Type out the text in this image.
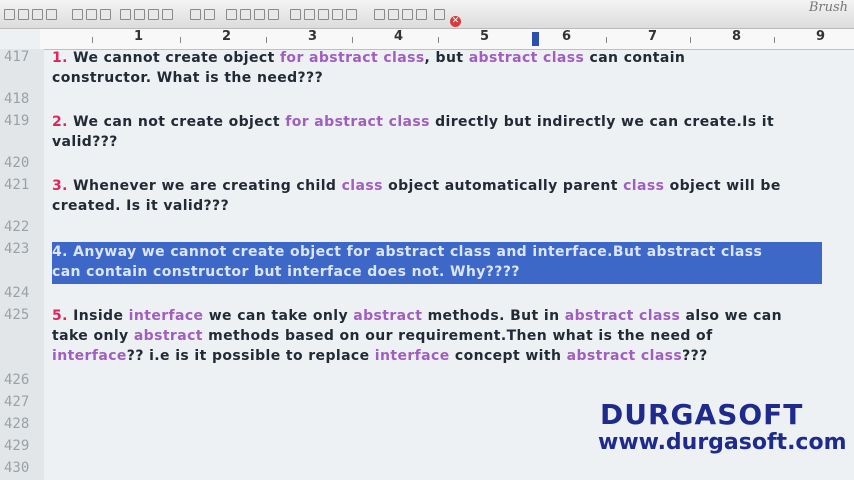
✕
Brush
1	2	3	4	5	6	7	8	9
417
418
419
420
421
422
423
424
425
426
427
428
429
430
1. We cannot create object for abstract class, but abstract class can contain
constructor. What is the need???
2. We can not create object for abstract class directly but indirectly we can create.Is it
valid???
3. Whenever we are creating child class object automatically parent class object will be
created. Is it valid???
4. Anyway we cannot create object for abstract class and interface.But abstract class
can contain constructor but interface does not. Why????
5. Inside interface we can take only abstract methods. But in abstract class also we can
take only abstract methods based on our requirement.Then what is the need of
interface?? i.e is it possible to replace interface concept with abstract class???
DURGASOFT
www.durgasoft.com
